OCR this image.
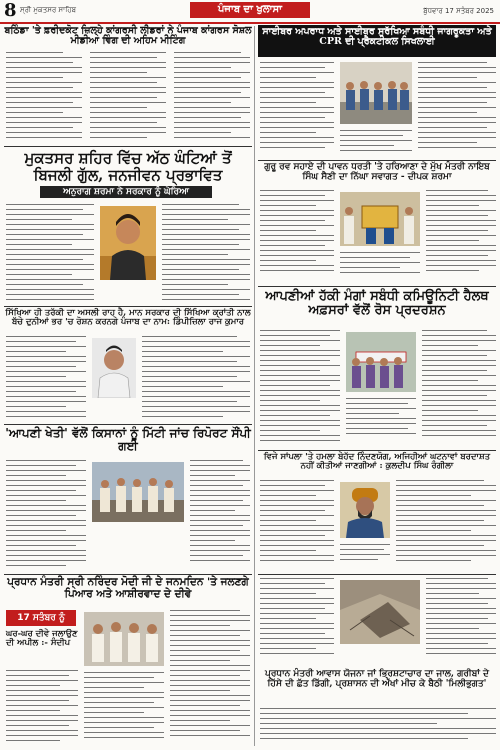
8 ਸ੍ਰੀ ਮੁਕਤਸਰ ਸਾਹਿਬ	ਪੰਜਾਬ ਦਾ ਖੁਲਾਸਾ	ਬੁੱਧਵਾਰ 17 ਸਤੰਬਰ 2025
ਬਠਿੰਡਾ 'ਤੇ ਫ਼ਰੀਦਕੋਟ ਜ਼ਿਲ੍ਹੇ ਕਾਂਗਰਸੀ ਲੀਡਰਾਂ ਨੇ ਪੰਜਾਬ ਕਾਂਗਰਸ ਸੋਸ਼ਲ ਮੀਡੀਆ ਵਿੰਗ ਦੀ ਅਹਿਮ ਮੀਟਿੰਗ
ਮੁਕਤਸਰ ਸ਼ਹਿਰ ਵਿੱਚ ਅੱਠ ਘੰਟਿਆਂ ਤੋਂ ਬਿਜਲੀ ਗੁੱਲ, ਜਨਜੀਵਨ ਪ੍ਰਭਾਵਿਤ
ਅਨੁਰਾਗ ਸ਼ਰਮਾ ਨੇ ਸਰਕਾਰ ਨੂੰ ਘੇਰਿਆ
ਸਿੱਖਿਆ ਹੀ ਤਰੱਕੀ ਦਾ ਅਸਲੀ ਰਾਹ ਹੈ, ਮਾਨ ਸਰਕਾਰ ਦੀ ਸਿੱਖਿਆ ਕ੍ਰਾਂਤੀ ਨਾਲ ਬੱਚੇ ਦੁਨੀਆਂ ਭਰ 'ਚ ਰੋਸ਼ਨ ਕਰਨਗੇ ਪੰਜਾਬ ਦਾ ਨਾਮ: ਡਿੰਪੀਜ਼ਿਲਾ ਰਾਜ ਕੁਮਾਰ
'ਆਪਣੀ ਖੇਤੀ' ਵੱਲੋਂ ਕਿਸਾਨਾਂ ਨੂੰ ਮਿੱਟੀ ਜਾਂਚ ਰਿਪੋਰਟ ਸੌਂਪੀ ਗਈ
ਪ੍ਰਧਾਨ ਮੰਤਰੀ ਸ੍ਰੀ ਨਰਿੰਦਰ ਮੋਦੀ ਜੀ ਦੇ ਜਨਮਦਿਨ 'ਤੇ ਜਲਣਗੇ ਪਿਆਰ ਅਤੇ ਆਸ਼ੀਰਵਾਦ ਦੇ ਦੀਵੇ
17 ਸਤੰਬਰ ਨੂੰ
ਘਰ-ਘਰ ਦੀਵੇ ਜਲਾਉਣ ਦੀ ਅਪੀਲ :- ਸੰਦੀਪ
ਸਾਈਬਰ ਅਪਰਾਧ ਅਤੇ ਸਾਈਬਰ ਸੁਰੱਖਿਆ ਸਬੰਧੀ ਜਾਗਰੂਕਤਾ ਅਤੇ CPR ਦੀ ਪ੍ਰੈਕਟੀਕਲ ਸਿਖਲਾਈ
ਗੁਰੂ ਰਵ ਸਹਾਏ ਦੀ ਪਾਵਨ ਧਰਤੀ 'ਤੇ ਹਰਿਆਣਾ ਦੇ ਮੁੱਖ ਮੰਤਰੀ ਨਾਇਬ ਸਿੰਘ ਸੈਣੀ ਦਾ ਨਿੱਘਾ ਸਵਾਗਤ - ਦੀਪਕ ਸ਼ਰਮਾ
ਆਪਣੀਆਂ ਹੱਕੀ ਮੰਗਾਂ ਸਬੰਧੀ ਕਮਿਊਨਿਟੀ ਹੈਲਥ ਅਫ਼ਸਰਾਂ ਵੱਲੋਂ ਰੋਸ ਪ੍ਰਦਰਸ਼ਨ
ਵਿਜੇ ਸਾਂਪਲਾ 'ਤੇ ਹਮਲਾ ਬੇਹੱਦ ਨਿੰਦਣਯੋਗ, ਅਜਿਹੀਆਂ ਘਟਨਾਵਾਂ ਬਰਦਾਸ਼ਤ ਨਹੀਂ ਕੀਤੀਆਂ ਜਾਣਗੀਆਂ : ਕੁਲਦੀਪ ਸਿੰਘ ਰੰਗੀਲਾ
ਪ੍ਰਧਾਨ ਮੰਤਰੀ ਆਵਾਸ ਯੋਜਨਾ ਜਾਂ ਭ੍ਰਿਸ਼ਟਾਚਾਰ ਦਾ ਜਾਲ, ਗਰੀਬਾਂ ਦੇ ਹਿੱਸੇ ਦੀ ਛੱਤ ਡਿੱਗੀ, ਪ੍ਰਸ਼ਾਸਨ ਦੀ ਅੱਖਾਂ ਮੀਚ ਕੇ ਬੈਠੀ 'ਮਿਲੀਭੁਗਤ'
